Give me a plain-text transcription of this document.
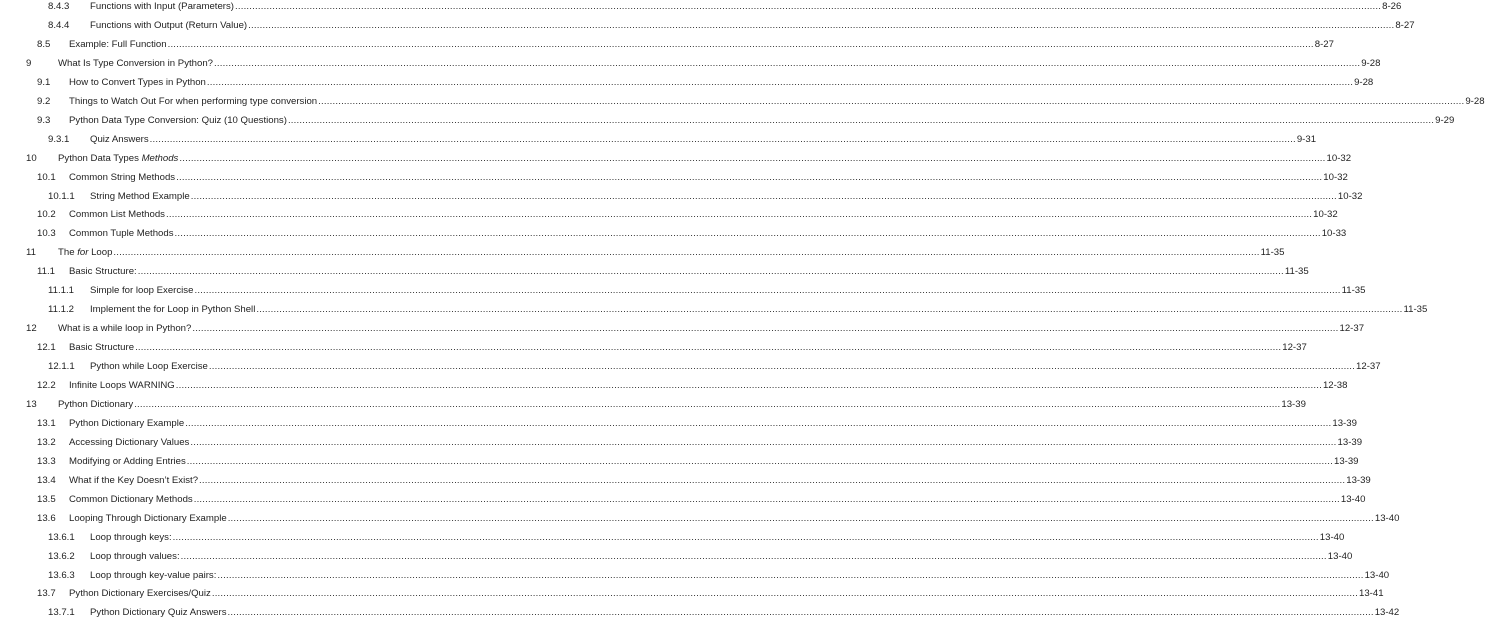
8.4.3 Functions with Input (Parameters) ................................................................................................................................................................................................................................................................................................................................................................................................................ 8-26
8.4.4 Functions with Output (Return Value) ................................................................................................................................................................................................................................................................................................................................................................................................................ 8-27
8.5 Example: Full Function ................................................................................................................................................................................................................................................................................................................................................................................................................ 8-27
9	What Is Type Conversion in Python? ................................................................................................................................................................................................................................................................................................................................................................................................................ 9-28
9.1 How to Convert Types in Python ................................................................................................................................................................................................................................................................................................................................................................................................................ 9-28
9.2 Things to Watch Out For when performing type conversion ................................................................................................................................................................................................................................................................................................................................................................................................................ 9-28
9.3 Python Data Type Conversion: Quiz (10 Questions) ................................................................................................................................................................................................................................................................................................................................................................................................................ 9-29
9.3.1 Quiz Answers ................................................................................................................................................................................................................................................................................................................................................................................................................ 9-31
10 Python Data Types Methods ................................................................................................................................................................................................................................................................................................................................................................................................................ 10-32
10.1 Common String Methods ................................................................................................................................................................................................................................................................................................................................................................................................................ 10-32
10.1.1 String Method Example ................................................................................................................................................................................................................................................................................................................................................................................................................ 10-32
10.2 Common List Methods ................................................................................................................................................................................................................................................................................................................................................................................................................ 10-32
10.3 Common Tuple Methods ................................................................................................................................................................................................................................................................................................................................................................................................................ 10-33
11 The for Loop ................................................................................................................................................................................................................................................................................................................................................................................................................ 11-35
11.1 Basic Structure: ................................................................................................................................................................................................................................................................................................................................................................................................................ 11-35
11.1.1 Simple for loop Exercise ................................................................................................................................................................................................................................................................................................................................................................................................................ 11-35
11.1.2 Implement the for Loop in Python Shell ................................................................................................................................................................................................................................................................................................................................................................................................................ 11-35
12 What is a while loop in Python? ................................................................................................................................................................................................................................................................................................................................................................................................................ 12-37
12.1 Basic Structure ................................................................................................................................................................................................................................................................................................................................................................................................................ 12-37
12.1.1 Python while Loop Exercise ................................................................................................................................................................................................................................................................................................................................................................................................................ 12-37
12.2 Infinite Loops WARNING ................................................................................................................................................................................................................................................................................................................................................................................................................ 12-38
13 Python Dictionary ................................................................................................................................................................................................................................................................................................................................................................................................................ 13-39
13.1 Python Dictionary Example ................................................................................................................................................................................................................................................................................................................................................................................................................ 13-39
13.2 Accessing Dictionary Values ................................................................................................................................................................................................................................................................................................................................................................................................................ 13-39
13.3 Modifying or Adding Entries ................................................................................................................................................................................................................................................................................................................................................................................................................ 13-39
13.4 What if the Key Doesn’t Exist? ................................................................................................................................................................................................................................................................................................................................................................................................................ 13-39
13.5 Common Dictionary Methods ................................................................................................................................................................................................................................................................................................................................................................................................................ 13-40
13.6 Looping Through Dictionary Example ................................................................................................................................................................................................................................................................................................................................................................................................................ 13-40
13.6.1 Loop through keys: ................................................................................................................................................................................................................................................................................................................................................................................................................ 13-40
13.6.2 Loop through values: ................................................................................................................................................................................................................................................................................................................................................................................................................ 13-40
13.6.3 Loop through key-value pairs: ................................................................................................................................................................................................................................................................................................................................................................................................................ 13-40
13.7 Python Dictionary Exercises/Quiz ................................................................................................................................................................................................................................................................................................................................................................................................................ 13-41
13.7.1 Python Dictionary Quiz Answers ................................................................................................................................................................................................................................................................................................................................................................................................................ 13-42
